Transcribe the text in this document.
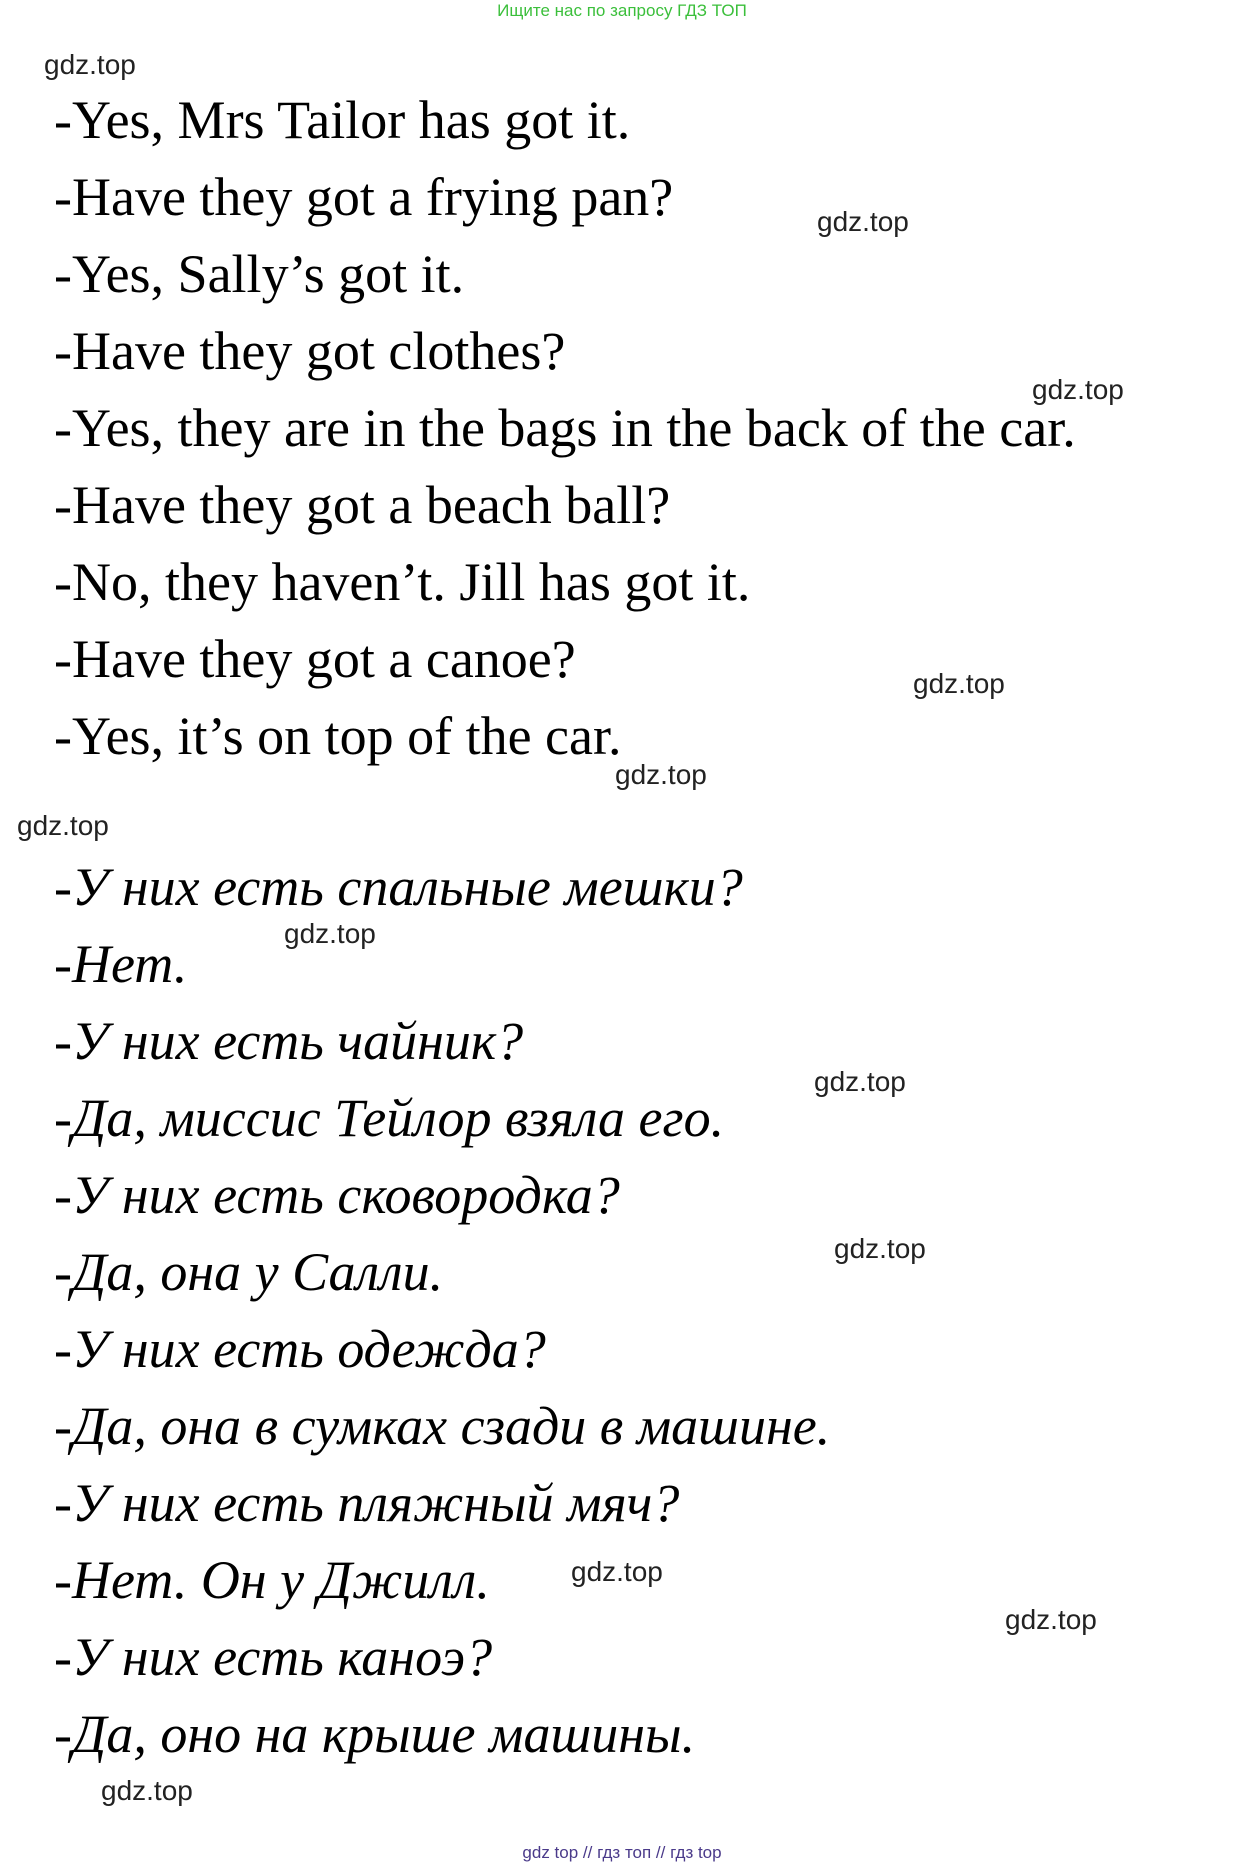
Ищите нас по запросу ГДЗ ТОП
-Yes, Mrs Tailor has got it.
-Have they got a frying pan?
-Yes, Sally’s got it.
-Have they got clothes?
-Yes, they are in the bags in the back of the car.
-Have they got a beach ball?
-No, they haven’t. Jill has got it.
-Have they got a canoe?
-Yes, it’s on top of the car.
-У них есть спальные мешки?
-Нет.
-У них есть чайник?
-Да, миссис Тейлор взяла его.
-У них есть сковородка?
-Да, она у Салли.
-У них есть одежда?
-Да, она в сумках сзади в машине.
-У них есть пляжный мяч?
-Нет. Он у Джилл.
-У них есть каноэ?
-Да, оно на крыше машины.
gdz.top
gdz.top
gdz.top
gdz.top
gdz.top
gdz.top
gdz.top
gdz.top
gdz.top
gdz.top
gdz.top
gdz.top
gdz top // гдз топ // гдз top
